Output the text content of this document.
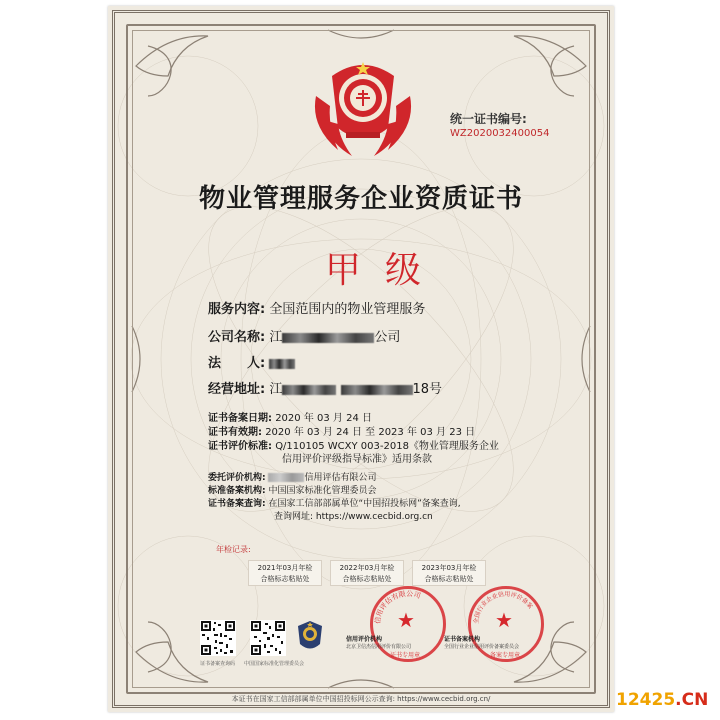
统一证书编号:
WZ2020032400054
物业管理服务企业资质证书
甲级
服务内容: 全国范围内的物业管理服务
公司名称: 江	公司
法　　人:
经营地址: 江	18号
证书备案日期: 2020 年 03 月 24 日
证书有效期: 2020 年 03 月 24 日 至 2023 年 03 月 23 日
证书评价标准: Q/110105 WCXY 003-2018《物业管理服务企业
信用评价评级指导标准》适用条款
委托评价机构:	信用评估有限公司
标准备案机构: 中国国家标准化管理委员会
证书备案查询: 在国家工信部部属单位“中国招投标网”备案查询,
查询网址: https://www.cecbid.org.cn
年检记录:
2021年03月年检
合格标志粘贴处
2022年03月年检
合格标志粘贴处
2023年03月年检
合格标志粘贴处
证书备案查询码 中国国家标准化管理委员会
信用评估有限公司
★
信用评价机构
北京卫信杰信用评价有限公司
证书专用章
全国行业企业信用评价备案
★
证书备案机构
全国行业企业信用评价备案委员会
备案专用章
本证书在国家工信部部属单位中国招投标网公示查询: https://www.cecbid.org.cn/	12425.CN
